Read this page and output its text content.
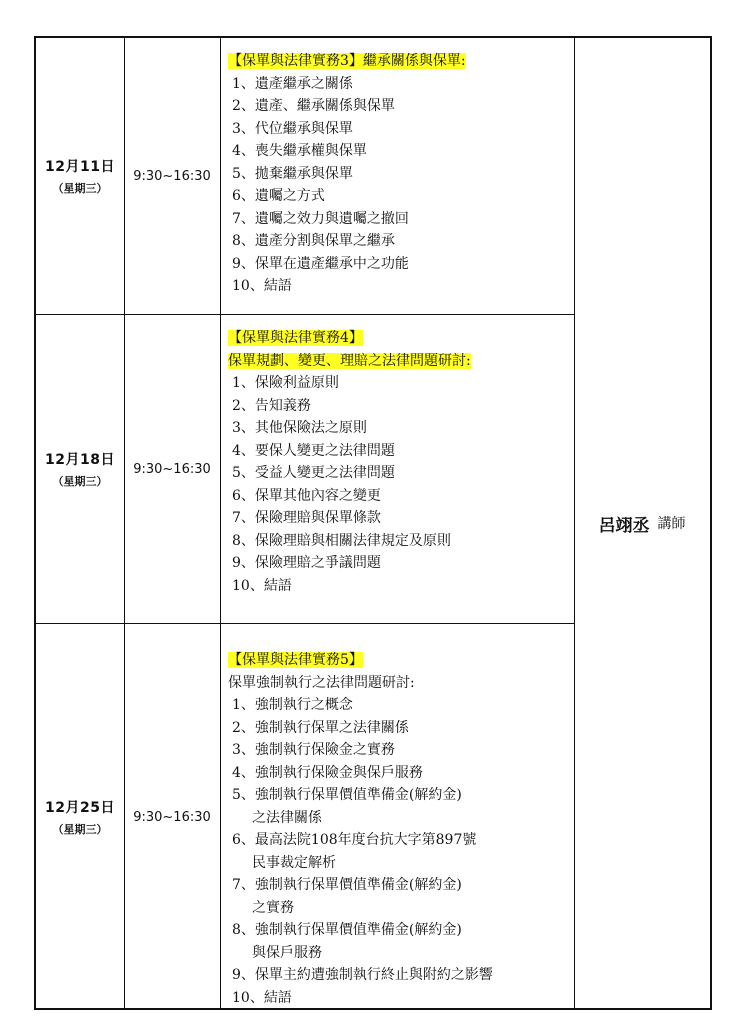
12月11日
（星期三）
9:30~16:30
【保單與法律實務3】繼承關係與保單:
1、遺產繼承之關係
2、遺產、繼承關係與保單
3、代位繼承與保單
4、喪失繼承權與保單
5、拋棄繼承與保單
6、遺囑之方式
7、遺囑之效力與遺囑之撤回
8、遺產分割與保單之繼承
9、保單在遺產繼承中之功能
10、結語
12月18日
（星期三）
9:30~16:30
【保單與法律實務4】
保單規劃、變更、理賠之法律問題研討:
1、保險利益原則
2、告知義務
3、其他保險法之原則
4、要保人變更之法律問題
5、受益人變更之法律問題
6、保單其他內容之變更
7、保險理賠與保單條款
8、保險理賠與相關法律規定及原則
9、保險理賠之爭議問題
10、結語
12月25日
（星期三）
9:30~16:30
【保單與法律實務5】
保單強制執行之法律問題研討:
1、強制執行之概念
2、強制執行保單之法律關係
3、強制執行保險金之實務
4、強制執行保險金與保戶服務
5、強制執行保單價值準備金(解約金)
之法律關係
6、最高法院108年度台抗大字第897號
民事裁定解析
7、強制執行保單價值準備金(解約金)
之實務
8、強制執行保單價值準備金(解約金)
與保戶服務
9、保單主約遭強制執行終止與附約之影響
10、結語
呂翊丞 講師
